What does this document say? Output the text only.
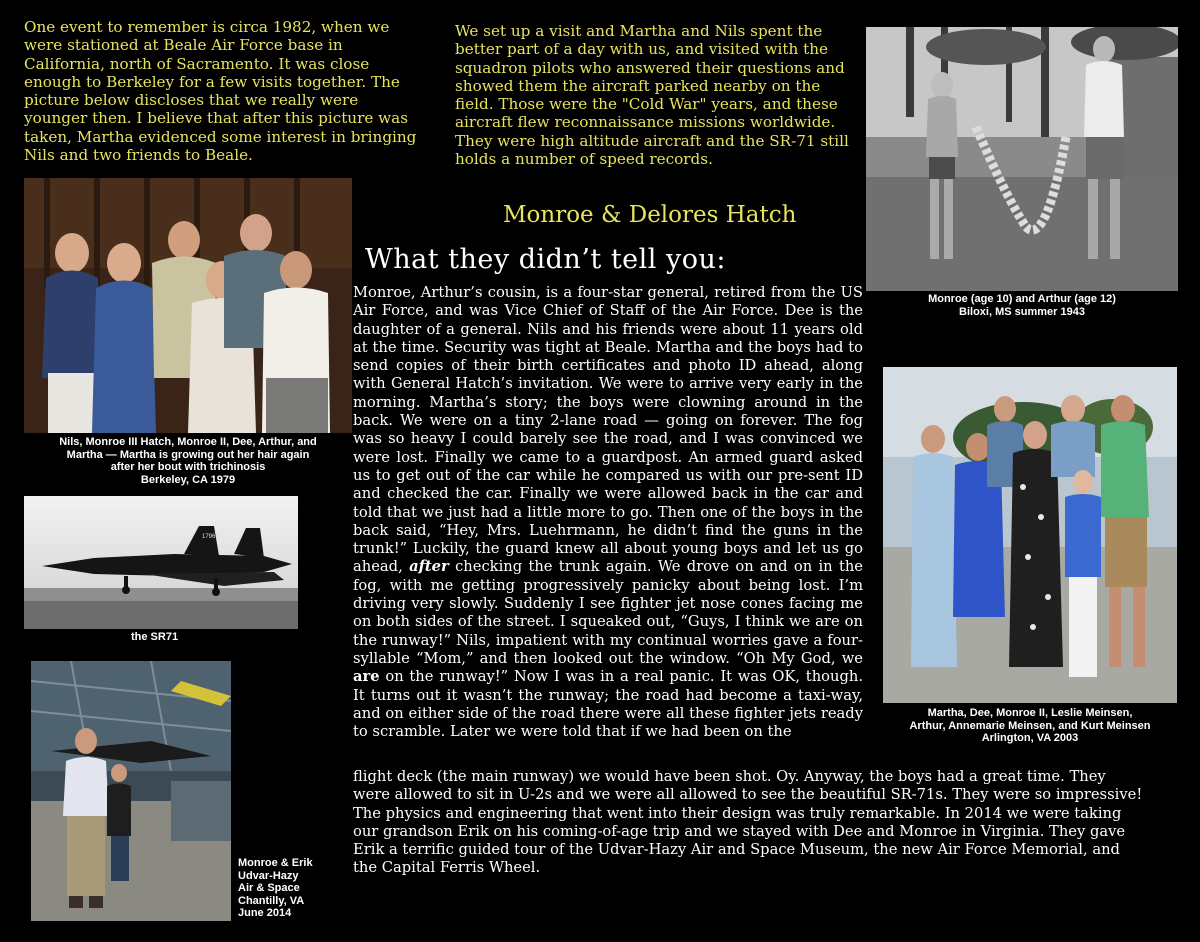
One event to remember is circa 1982, when we were stationed at Beale Air Force base in California, north of Sacramento. It was close enough to Berkeley for a few visits together. The picture below discloses that we really were younger then. I believe that after this picture was taken, Martha evidenced some interest in bringing Nils and two friends to Beale.
We set up a visit and Martha and Nils spent the better part of a day with us, and visited with the squadron pilots who answered their questions and showed them the aircraft parked nearby on the field. Those were the "Cold War" years, and these aircraft flew reconnaissance missions worldwide. They were high altitude aircraft and the SR-71 still holds a number of speed records.
Monroe & Delores Hatch
What they didn’t tell you:
Monroe, Arthur’s cousin, is a four-star general, retired from the US Air Force, and was Vice Chief of Staff of the Air Force. Dee is the daughter of a general. Nils and his friends were about 11 years old at the time. Security was tight at Beale. Martha and the boys had to send copies of their birth certificates and photo ID ahead, along with General Hatch’s invitation. We were to arrive very early in the morning. Martha’s story; the boys were clowning around in the back. We were on a tiny 2-lane road — going on forever. The fog was so heavy I could barely see the road, and I was convinced we were lost. Finally we came to a guardpost. An armed guard asked us to get out of the car while he compared us with our pre-sent ID and checked the car. Finally we were allowed back in the car and told that we just had a little more to go. Then one of the boys in the back said, “Hey, Mrs. Luehrmann, he didn’t find the guns in the trunk!” Luckily, the guard knew all about young boys and let us go ahead, after checking the trunk again. We drove on and on in the fog, with me getting progressively panicky about being lost. I’m driving very slowly. Suddenly I see fighter jet nose cones facing me on both sides of the street. I squeaked out, “Guys, I think we are on the runway!” Nils, impatient with my continual worries gave a four-syllable “Mom,” and then looked out the window. “Oh My God, we are on the runway!” Now I was in a real panic. It was OK, though. It turns out it wasn’t the runway; the road had become a taxi-way, and on either side of the road there were all these fighter jets ready to scramble. Later we were told that if we had been on the
flight deck (the main runway) we would have been shot. Oy. Anyway, the boys had a great time. They were allowed to sit in U-2s and we were all allowed to see the beautiful SR-71s. They were so impressive! The physics and engineering that went into their design was truly remarkable. In 2014 we were taking our grandson Erik on his coming-of-age trip and we stayed with Dee and Monroe in Virginia. They gave Erik a terrific guided tour of the Udvar-Hazy Air and Space Museum, the new Air Force Memorial, and the Capital Ferris Wheel.
Nils, Monroe III Hatch, Monroe II, Dee, Arthur, and
Martha — Martha is growing out her hair again
after her bout with trichinosis
Berkeley, CA 1979
17969
the SR71
Monroe & Erik
Udvar-Hazy
Air & Space
Chantilly, VA
June 2014
Monroe (age 10) and Arthur (age 12)
Biloxi, MS summer 1943
Martha, Dee, Monroe II, Leslie Meinsen,
Arthur, Annemarie Meinsen, and Kurt Meinsen
Arlington, VA 2003
